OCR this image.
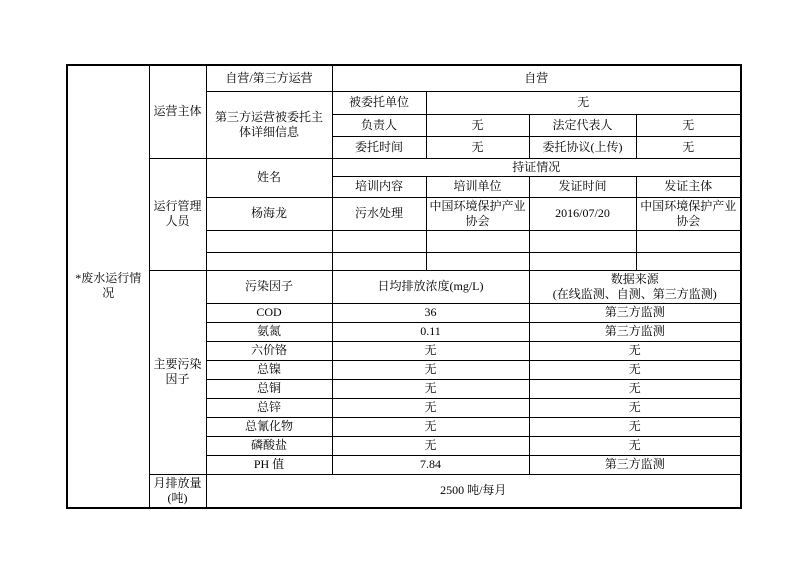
*废水运行情况	运营主体	自营/第三方运营	自营			
		第三方运营被委托主体详细信息	被委托单位	无		
			负责人	无	法定代表人	无
			委托时间	无	委托协议(上传)	无
	运行管理人员	姓名	持证情况			
			培训内容	培训单位	发证时间	发证主体
		杨海龙	污水处理	中国环境保护产业协会	2016/07/20	中国环境保护产业协会

	主要污染因子	污染因子	日均排放浓度(mg/L)		数据来源
(在线监测、自测、第三方监测)	

		COD	36		第三方监测	
		氨氮	0.11		第三方监测	
		六价铬	无		无	
		总镍	无		无	
		总铜	无		无	
		总锌	无		无	
		总氰化物	无		无	
		磷酸盐	无		无	
		PH 值	7.84		第三方监测	
	月排放量(吨)	2500 吨/每月				
